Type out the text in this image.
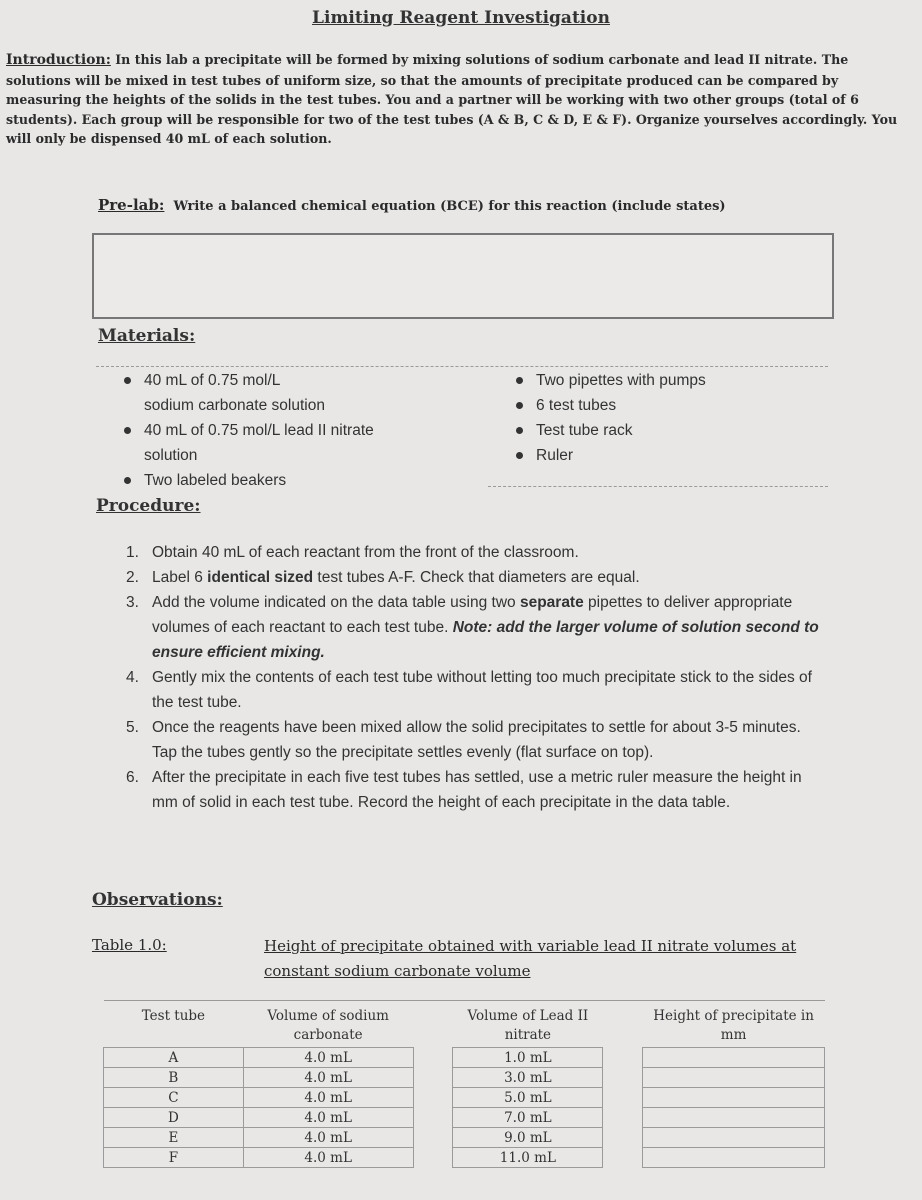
Limiting Reagent Investigation
Introduction: In this lab a precipitate will be formed by mixing solutions of sodium carbonate and lead II nitrate. The solutions will be mixed in test tubes of uniform size, so that the amounts of precipitate produced can be compared by measuring the heights of the solids in the test tubes. You and a partner will be working with two other groups (total of 6 students). Each group will be responsible for two of the test tubes (A & B, C & D, E & F). Organize yourselves accordingly. You will only be dispensed 40 mL of each solution.
Pre-lab: Write a balanced chemical equation (BCE) for this reaction (include states)
Materials:
40 mL of 0.75 mol/L
sodium carbonate solution
40 mL of 0.75 mol/L lead II nitrate
solution
Two labeled beakers
Two pipettes with pumps
6 test tubes
Test tube rack
Ruler
Procedure:
1. Obtain 40 mL of each reactant from the front of the classroom.
2. Label 6 identical sized test tubes A-F. Check that diameters are equal.
3. Add the volume indicated on the data table using two separate pipettes to deliver appropriate volumes of each reactant to each test tube. Note: add the larger volume of solution second to ensure efficient mixing.
4. Gently mix the contents of each test tube without letting too much precipitate stick to the sides of the test tube.
5. Once the reagents have been mixed allow the solid precipitates to settle for about 3-5 minutes. Tap the tubes gently so the precipitate settles evenly (flat surface on top).
6. After the precipitate in each five test tubes has settled, use a metric ruler measure the height in mm of solid in each test tube. Record the height of each precipitate in the data table.
Observations:
Table 1.0:	Height of precipitate obtained with variable lead II nitrate volumes at constant sodium carbonate volume
Test tube	Volume of sodium carbonate		Volume of Lead II nitrate		Height of precipitate in mm
A	4.0 mL		1.0 mL		
B	4.0 mL		3.0 mL		
C	4.0 mL		5.0 mL		
D	4.0 mL		7.0 mL		
E	4.0 mL		9.0 mL		
F	4.0 mL		11.0 mL		
